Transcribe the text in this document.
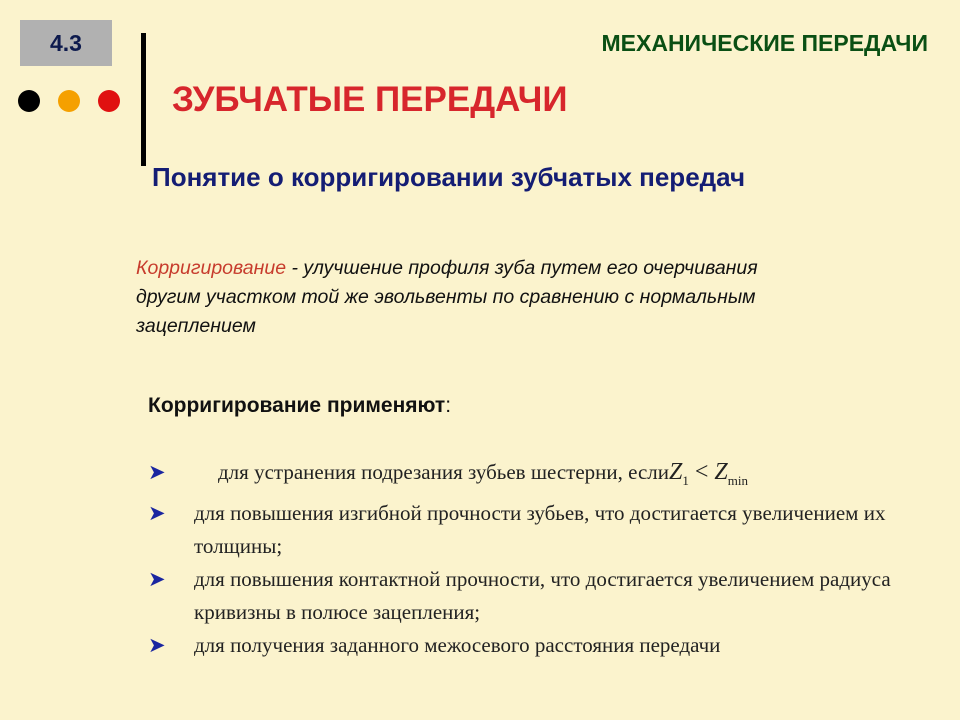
4.3	МЕХАНИЧЕСКИЕ ПЕРЕДАЧИ
ЗУБЧАТЫЕ ПЕРЕДАЧИ
Понятие о корригировании зубчатых передач
Корригирование - улучшение профиля зуба путем его очерчивания другим участком той же эвольвенты по сравнению с нормальным зацеплением
Корригирование применяют:
➤ для устранения подрезания зубьев шестерни, еслиZ$_1$ < $Z_{min}$
➤ для повышения изгибной прочности зубьев, что достигается увеличением их толщины;
➤ для повышения контактной прочности, что достигается увеличением радиуса кривизны в полюсе зацепления;
➤ для получения заданного межосевого расстояния передачи
